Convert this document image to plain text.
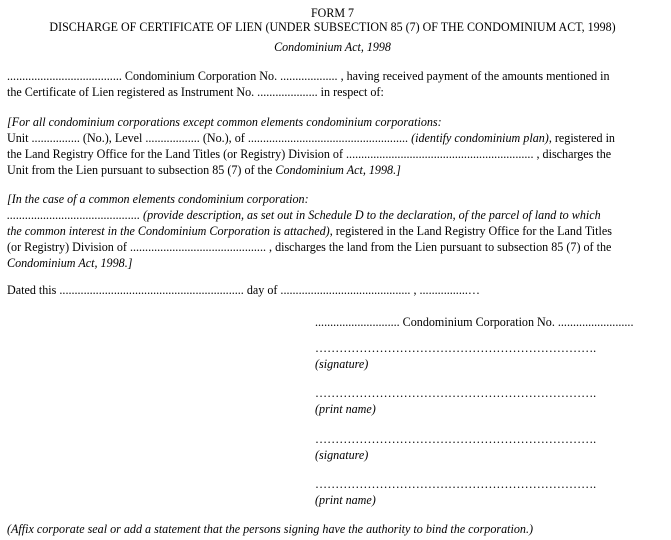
FORM 7
DISCHARGE OF CERTIFICATE OF LIEN (UNDER SUBSECTION 85 (7) OF THE CONDOMINIUM ACT, 1998)
Condominium Act, 1998
...................................... Condominium Corporation No. ................... , having received payment of the amounts mentioned in
the Certificate of Lien registered as Instrument No. .................... in respect of:
[For all condominium corporations except common elements condominium corporations:
Unit ................ (No.), Level .................. (No.), of ..................................................... (identify condominium plan), registered in
the Land Registry Office for the Land Titles (or Registry) Division of .............................................................. , discharges the
Unit from the Lien pursuant to subsection 85 (7) of the Condominium Act, 1998.]
[In the case of a common elements condominium corporation:
............................................ (provide description, as set out in Schedule D to the declaration, of the parcel of land to which
the common interest in the Condominium Corporation is attached), registered in the Land Registry Office for the Land Titles
(or Registry) Division of ............................................. , discharges the land from the Lien pursuant to subsection 85 (7) of the
Condominium Act, 1998.]
Dated this ............................................................. day of ........................................... , ................…
............................ Condominium Corporation No. .........................
…………………………………………………………….
(signature)
…………………………………………………………….
(print name)
…………………………………………………………….
(signature)
…………………………………………………………….
(print name)
(Affix corporate seal or add a statement that the persons signing have the authority to bind the corporation.)
